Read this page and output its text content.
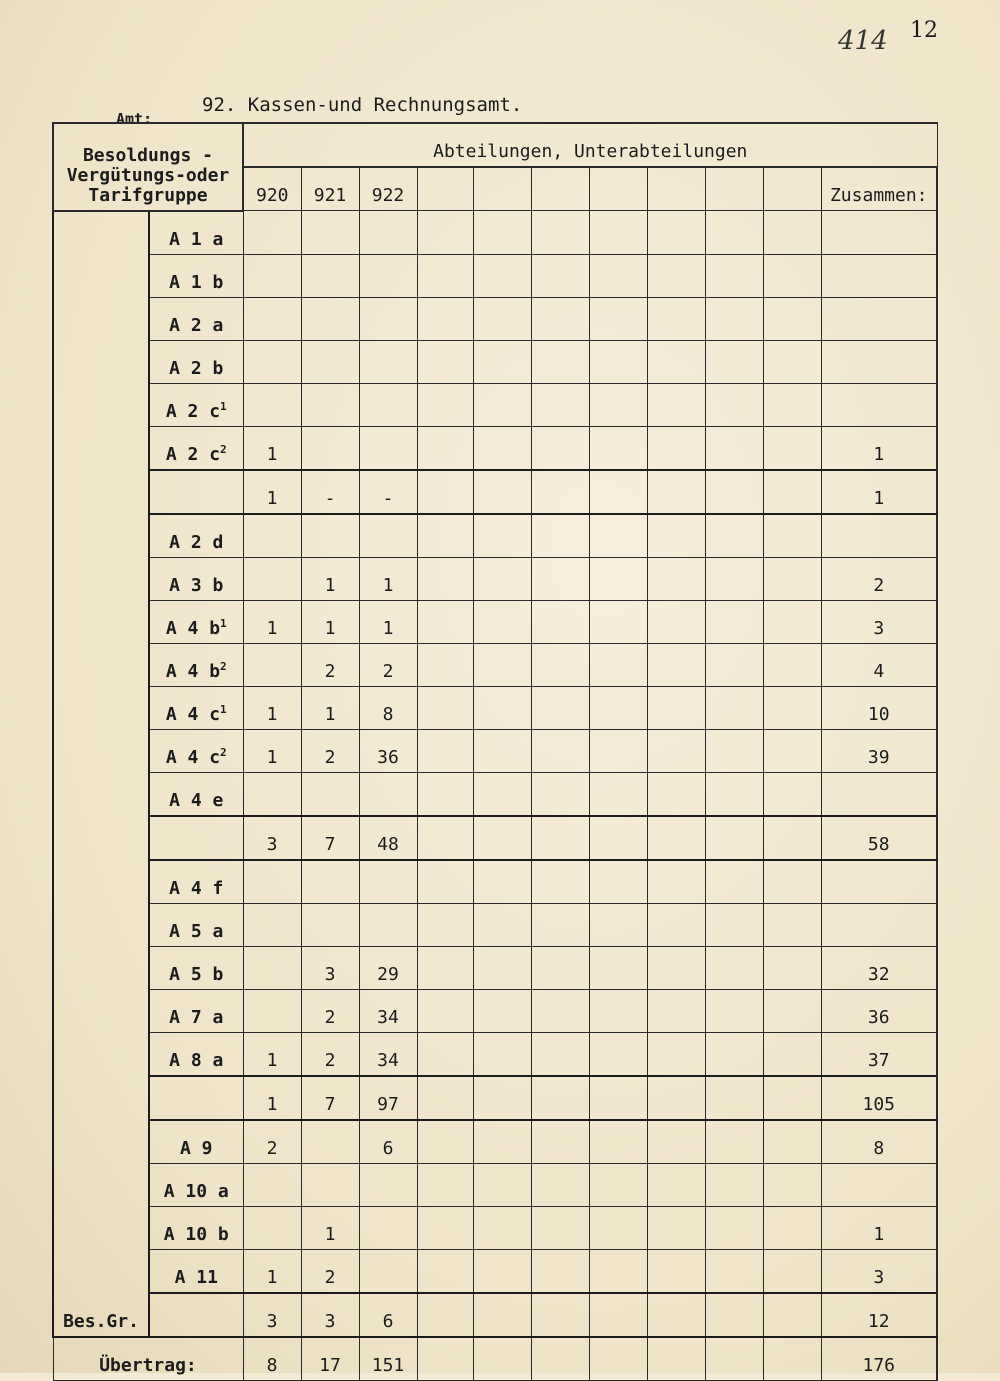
414 12
Amt:
92. Kassen-und Rechnungsamt.
Besoldungs - Vergütungs-oder Tarifgruppe		Abteilungen, Unterabteilungen										
		920	921	922								Zusammen:
Bes.Gr.	A 1 a											
	A 1 b											
	A 2 a											
	A 2 b											
	A 2 $c^1$											
	A 2 $c^2$	1										1
		1	-	-								1
	A 2 d											
	A 3 b		1	1								2
	A 4 $b^1$	1	1	1								3
	A 4 $b^2$		2	2								4
	A 4 $c^1$	1	1	8								10
	A 4 $c^2$	1	2	36								39
	A 4 e											
		3	7	48								58
	A 4 f											
	A 5 a											
	A 5 b		3	29								32
	A 7 a		2	34								36
	A 8 a	1	2	34								37
		1	7	97								105
	A 9	2		6								8
	A 10 a											
	A 10 b		1									1
	A 11	1	2									3
		3	3	6								12
Übertrag:		8	17	151								176
